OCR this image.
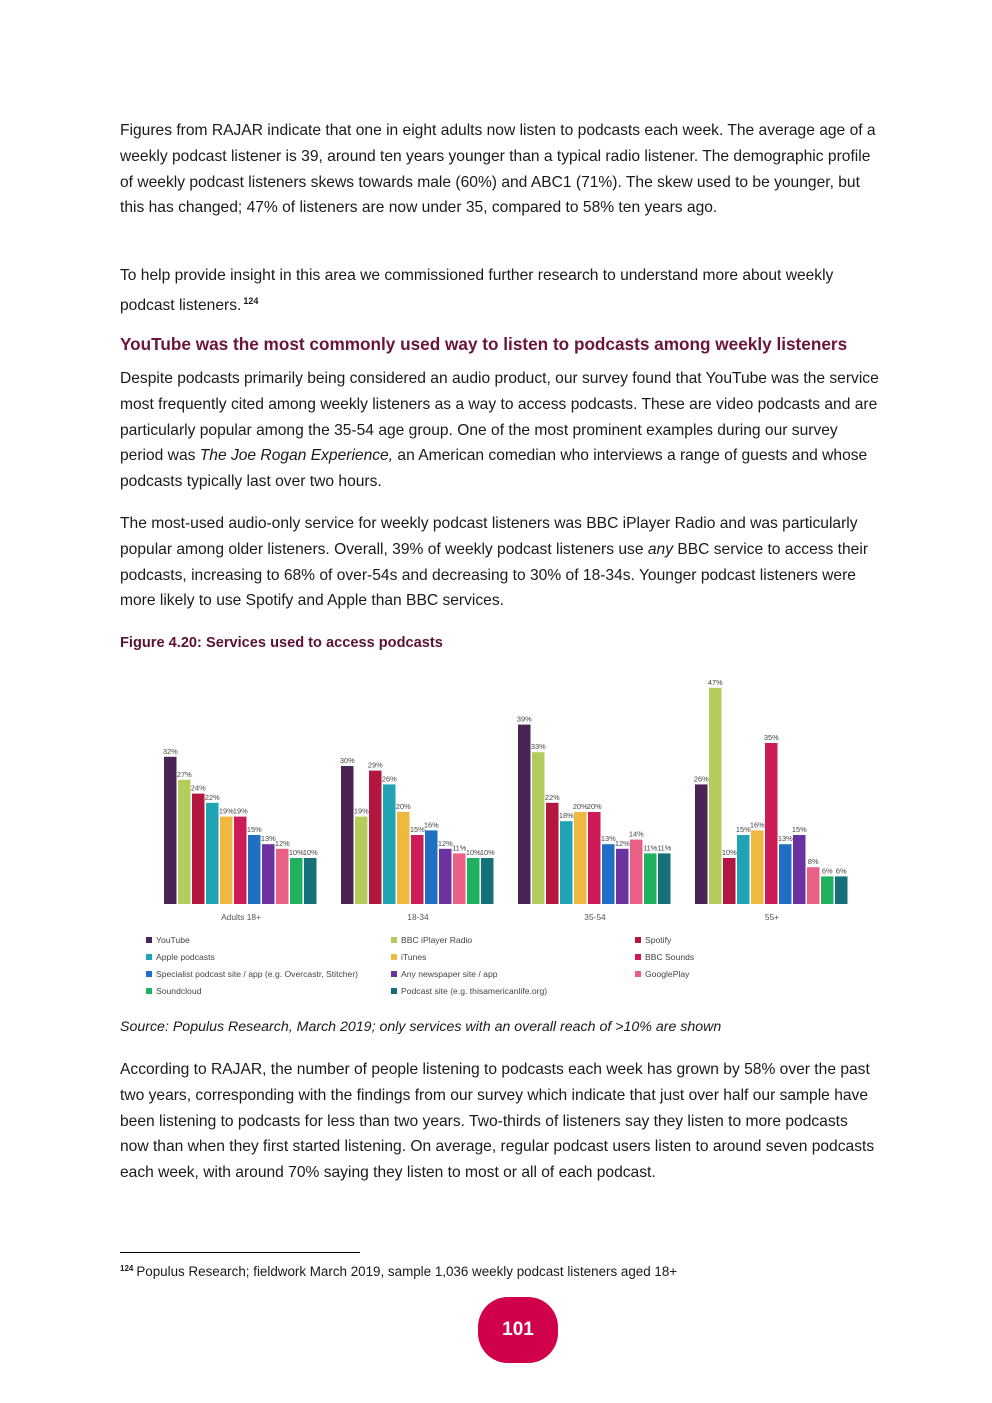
Figures from RAJAR indicate that one in eight adults now listen to podcasts each week. The average age of a weekly podcast listener is 39, around ten years younger than a typical radio listener. The demographic profile of weekly podcast listeners skews towards male (60%) and ABC1 (71%). The skew used to be younger, but this has changed; 47% of listeners are now under 35, compared to 58% ten years ago.

To help provide insight in this area we commissioned further research to understand more about weekly podcast listeners. $^{124}$

YouTube was the most commonly used way to listen to podcasts among weekly listeners

Despite podcasts primarily being considered an audio product, our survey found that YouTube was the service most frequently cited among weekly listeners as a way to access podcasts. These are video podcasts and are particularly popular among the 35-54 age group. One of the most prominent examples during our survey period was The Joe Rogan Experience, an American comedian who interviews a range of guests and whose podcasts typically last over two hours.

The most-used audio-only service for weekly podcast listeners was BBC iPlayer Radio and was particularly popular among older listeners. Overall, 39% of weekly podcast listeners use any BBC service to access their podcasts, increasing to 68% of over-54s and decreasing to 30% of 18-34s. Younger podcast listeners were more likely to use Spotify and Apple than BBC services.

Figure 4.20: Services used to access podcasts
32%
27%
24%
22%
19% 19%
15%
13%
12%
10% 10%
Adults 18+
30%
19%
29%
26%
20%
15%
16%
12%
11%
10% 10%
18-34
39%
33%
22%
18%
20% 20%
13%
12%
14%
11% 11%
35-54
26%
47%
10%
15%
16%
35%
13%
15%
8%
6% 6%
55+
YouTube	BBC iPlayer Radio	Spotify
Apple podcasts	iTunes	BBC Sounds
Specialist podcast site / app (e.g. Overcastr, Stitcher)	Any newspaper site / app	GooglePlay
Soundcloud	Podcast site (e.g. thisamericanlife.org)

Source: Populus Research, March 2019; only services with an overall reach of >10% are shown

According to RAJAR, the number of people listening to podcasts each week has grown by 58% over the past two years, corresponding with the findings from our survey which indicate that just over half our sample have been listening to podcasts for less than two years. Two-thirds of listeners say they listen to more podcasts now than when they first started listening. On average, regular podcast users listen to around seven podcasts each week, with around 70% saying they listen to most or all of each podcast.

$^{124}$ Populus Research; fieldwork March 2019, sample 1,036 weekly podcast listeners aged 18+

101
